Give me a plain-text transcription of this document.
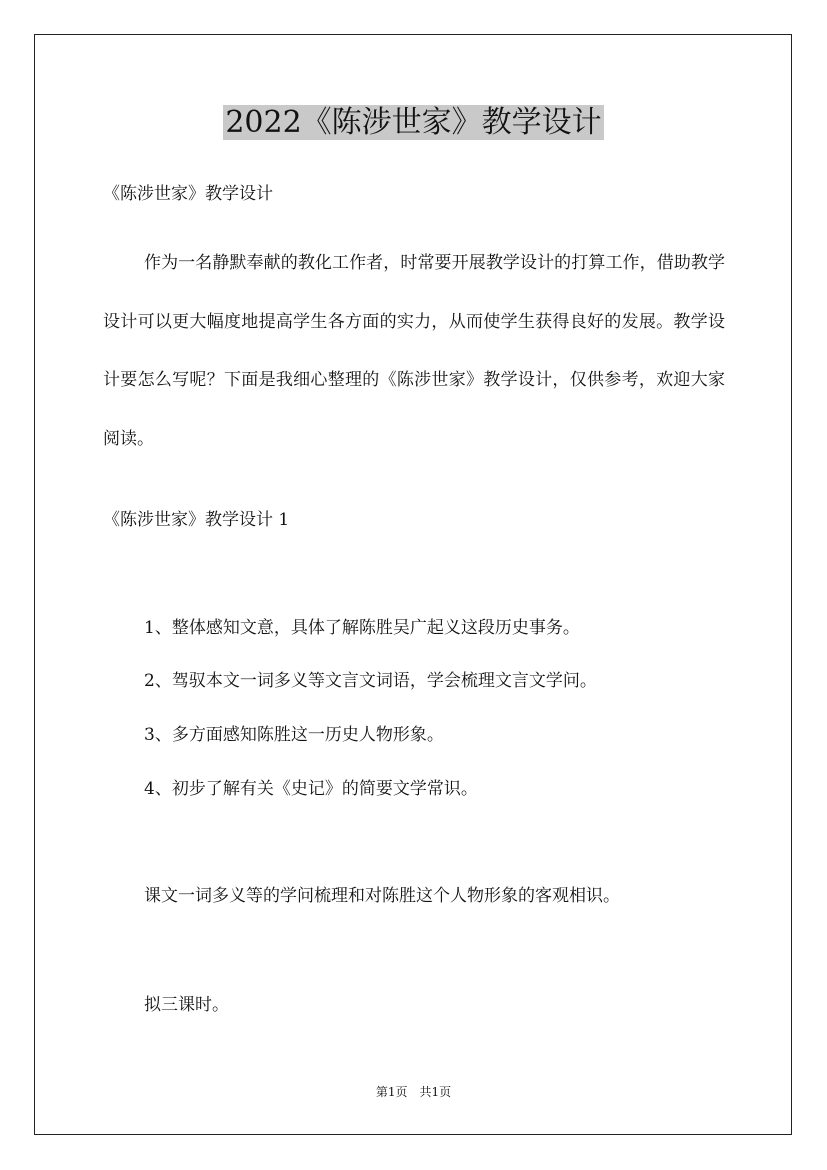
2022《陈涉世家》教学设计
《陈涉世家》教学设计

作为一名静默奉献的教化工作者，时常要开展教学设计的打算工作，借助教学设计可以更大幅度地提高学生各方面的实力，从而使学生获得良好的发展。教学设计要怎么写呢？下面是我细心整理的《陈涉世家》教学设计，仅供参考，欢迎大家阅读。

《陈涉世家》教学设计 1
1、整体感知文意，具体了解陈胜吴广起义这段历史事务。
2、驾驭本文一词多义等文言文词语，学会梳理文言文学问。
3、多方面感知陈胜这一历史人物形象。
4、初步了解有关《史记》的简要文学常识。
课文一词多义等的学问梳理和对陈胜这个人物形象的客观相识。
拟三课时。
第1页 共1页
